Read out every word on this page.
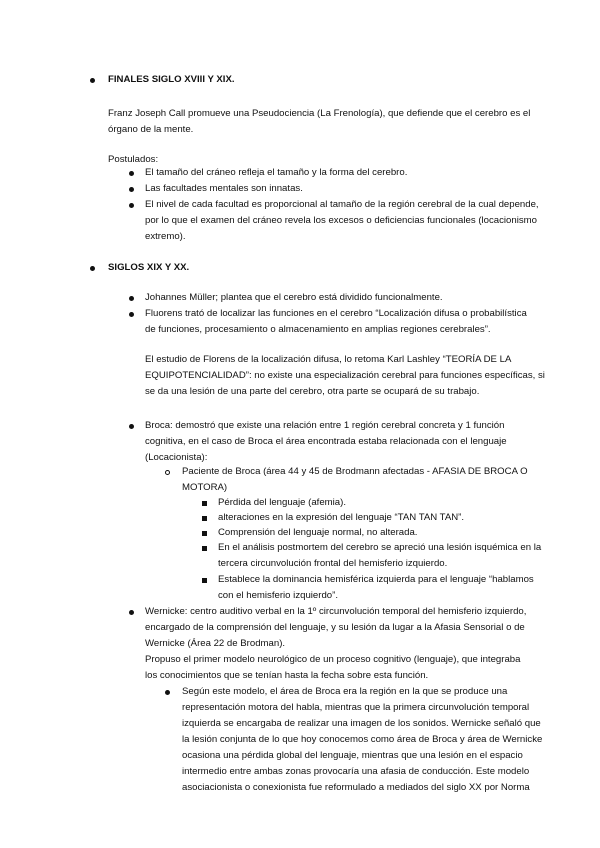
FINALES SIGLO XVIII Y XIX.
Franz Joseph Call promueve una Pseudociencia (La Frenología), que defiende que el cerebro es el
órgano de la mente.
Postulados:
El tamaño del cráneo refleja el tamaño y la forma del cerebro.
Las facultades mentales son innatas.
El nivel de cada facultad es proporcional al tamaño de la región cerebral de la cual depende,
por lo que el examen del cráneo revela los excesos o deficiencias funcionales (locacionismo
extremo).
SIGLOS XIX Y XX.
Johannes Müller; plantea que el cerebro está dividido funcionalmente.
Fluorens trató de localizar las funciones en el cerebro “Localización difusa o probabilística
de funciones, procesamiento o almacenamiento en amplias regiones cerebrales”.
El estudio de Florens de la localización difusa, lo retoma Karl Lashley “TEORÍA DE LA
EQUIPOTENCIALIDAD”: no existe una especialización cerebral para funciones específicas, si
se da una lesión de una parte del cerebro, otra parte se ocupará de su trabajo.
Broca: demostró que existe una relación entre 1 región cerebral concreta y 1 función
cognitiva, en el caso de Broca el área encontrada estaba relacionada con el lenguaje
(Locacionista):
Paciente de Broca (área 44 y 45 de Brodmann afectadas - AFASIA DE BROCA O
MOTORA)
Pérdida del lenguaje (afemia).
alteraciones en la expresión del lenguaje “TAN TAN TAN”.
Comprensión del lenguaje normal, no alterada.
En el análisis postmortem del cerebro se apreció una lesión isquémica en la
tercera circunvolución frontal del hemisferio izquierdo.
Establece la dominancia hemisférica izquierda para el lenguaje “hablamos
con el hemisferio izquierdo”.
Wernicke: centro auditivo verbal en la 1º circunvolución temporal del hemisferio izquierdo,
encargado de la comprensión del lenguaje, y su lesión da lugar a la Afasia Sensorial o de
Wernicke (Área 22 de Brodman).
Propuso el primer modelo neurológico de un proceso cognitivo (lenguaje), que integraba
los conocimientos que se tenían hasta la fecha sobre esta función.
Según este modelo, el área de Broca era la región en la que se produce una
representación motora del habla, mientras que la primera circunvolución temporal
izquierda se encargaba de realizar una imagen de los sonidos. Wernicke señaló que
la lesión conjunta de lo que hoy conocemos como área de Broca y área de Wernicke
ocasiona una pérdida global del lenguaje, mientras que una lesión en el espacio
intermedio entre ambas zonas provocaría una afasia de conducción. Este modelo
asociacionista o conexionista fue reformulado a mediados del siglo XX por Norma
